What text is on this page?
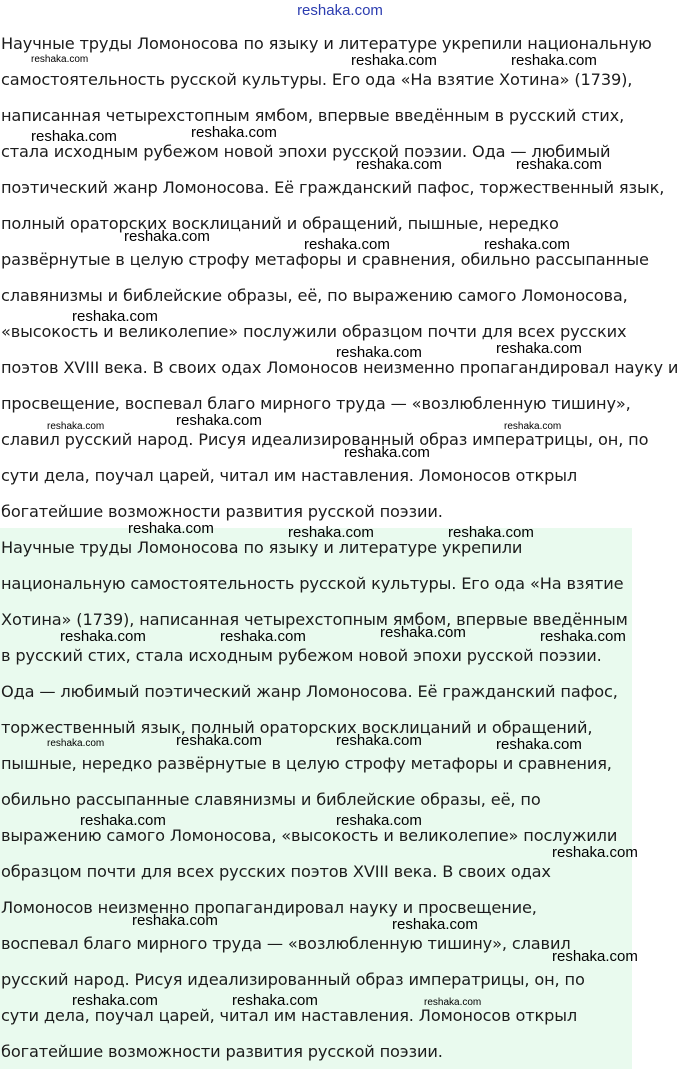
reshaka.com

Научные труды Ломоносова по языку и литературе укрепили национальную

самостоятельность русской культуры. Его ода «На взятие Хотина» (1739),

написанная четырехстопным ямбом, впервые введённым в русский стих,

стала исходным рубежом новой эпохи русской поэзии. Ода — любимый

поэтический жанр Ломоносова. Её гражданский пафос, торжественный язык,

полный ораторских восклицаний и обращений, пышные, нередко

развёрнутые в целую строфу метафоры и сравнения, обильно рассыпанные

славянизмы и библейские образы, её, по выражению самого Ломоносова,

«высокость и великолепие» послужили образцом почти для всех русских

поэтов XVIII века. В своих одах Ломоносов неизменно пропагандировал науку и

просвещение, воспевал благо мирного труда — «возлюбленную тишину»,

славил русский народ. Рисуя идеализированный образ императрицы, он, по

сути дела, поучал царей, читал им наставления. Ломоносов открыл

богатейшие возможности развития русской поэзии.

Научные труды Ломоносова по языку и литературе укрепили

национальную самостоятельность русской культуры. Его ода «На взятие

Хотина» (1739), написанная четырехстопным ямбом, впервые введённым

в русский стих, стала исходным рубежом новой эпохи русской поэзии.

Ода — любимый поэтический жанр Ломоносова. Её гражданский пафос,

торжественный язык, полный ораторских восклицаний и обращений,

пышные, нередко развёрнутые в целую строфу метафоры и сравнения,

обильно рассыпанные славянизмы и библейские образы, её, по

выражению самого Ломоносова, «высокость и великолепие» послужили

образцом почти для всех русских поэтов XVIII века. В своих одах

Ломоносов неизменно пропагандировал науку и просвещение,

воспевал благо мирного труда — «возлюбленную тишину», славил

русский народ. Рисуя идеализированный образ императрицы, он, по

сути дела, поучал царей, читал им наставления. Ломоносов открыл

богатейшие возможности развития русской поэзии.

reshaka.com	reshaka.com	reshaka.com
reshaka.com	reshaka.com
reshaka.com	reshaka.com
reshaka.com	reshaka.com	reshaka.com
reshaka.com
reshaka.com	reshaka.com
reshaka.com	reshaka.com	reshaka.com
reshaka.com
reshaka.com	reshaka.com	reshaka.com
reshaka.com	reshaka.com	reshaka.com	reshaka.com
reshaka.com	reshaka.com	reshaka.com	reshaka.com
reshaka.com	reshaka.com
reshaka.com
reshaka.com	reshaka.com
reshaka.com
reshaka.com	reshaka.com	reshaka.com
